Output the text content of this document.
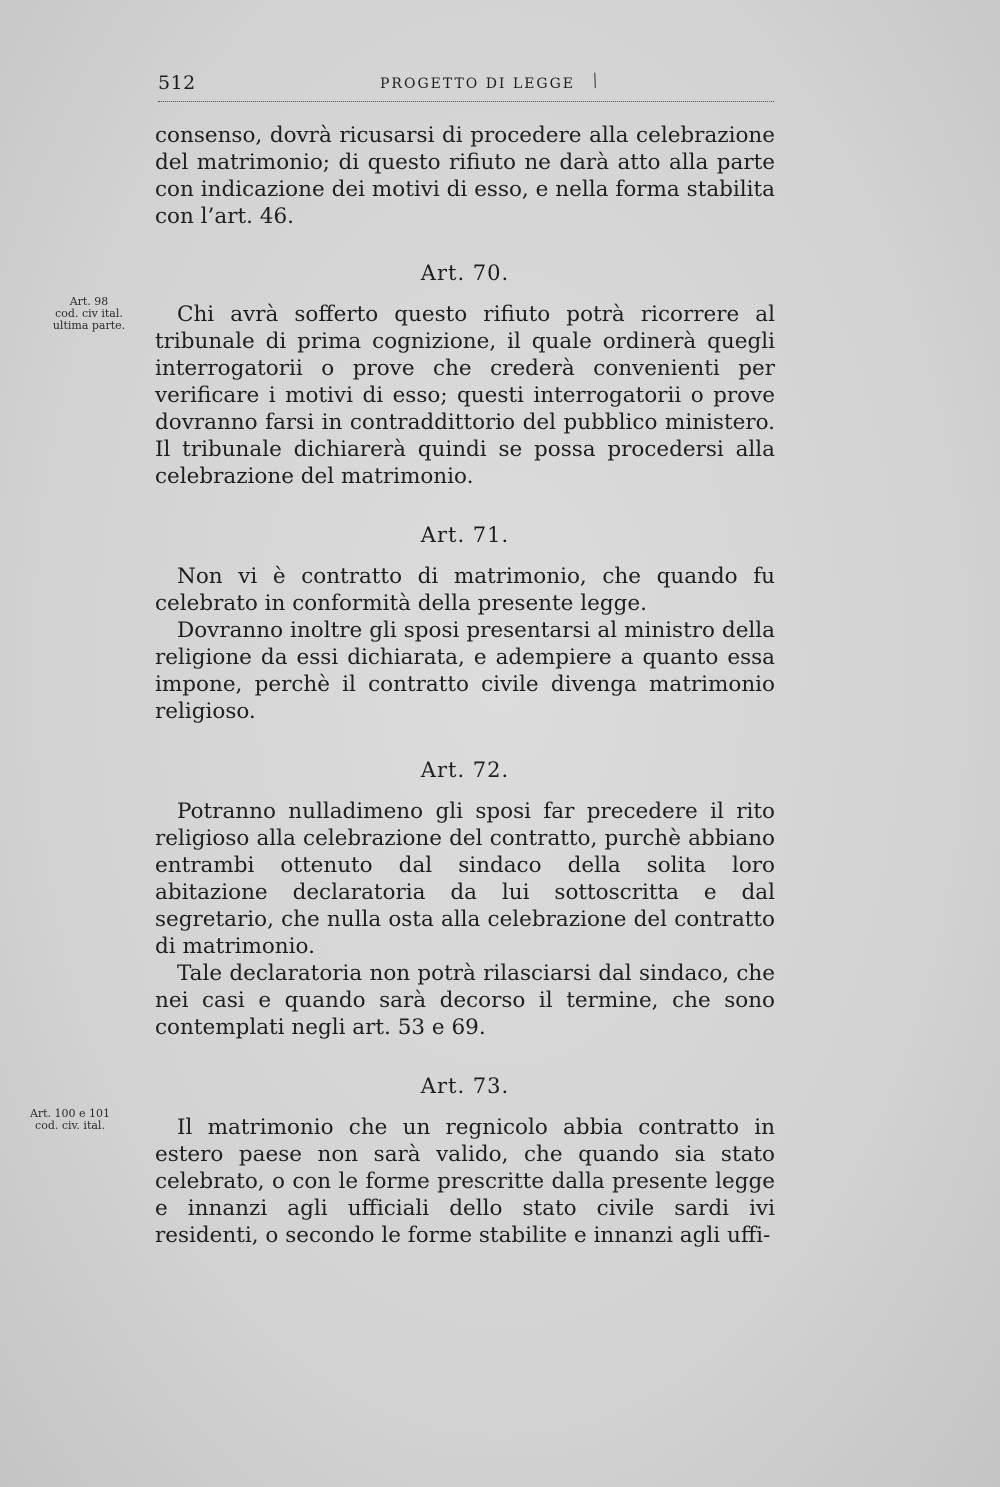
512	PROGETTO DI LEGGE /
Art. 98
cod. civ ital.
ultima parte.
Art. 100 e 101
cod. civ. ital.

consenso, dovrà ricusarsi di procedere alla celebrazione del matrimonio; di questo rifiuto ne darà atto alla parte con indicazione dei motivi di esso, e nella forma stabilita con l’art. 46.

Art. 70.

Chi avrà sofferto questo rifiuto potrà ricorrere al tribunale di prima cognizione, il quale ordinerà quegli interrogatorii o prove che crederà convenienti per verificare i motivi di esso; questi interrogatorii o prove dovranno farsi in contraddittorio del pubblico ministero. Il tribunale dichiarerà quindi se possa procedersi alla celebrazione del matrimonio.

Art. 71.

Non vi è contratto di matrimonio, che quando fu celebrato in conformità della presente legge.

Dovranno inoltre gli sposi presentarsi al ministro della religione da essi dichiarata, e adempiere a quanto essa impone, perchè il contratto civile divenga matrimonio religioso.

Art. 72.

Potranno nulladimeno gli sposi far precedere il rito religioso alla celebrazione del contratto, purchè abbiano entrambi ottenuto dal sindaco della solita loro abitazione declaratoria da lui sottoscritta e dal segretario, che nulla osta alla celebrazione del contratto di matrimonio.

Tale declaratoria non potrà rilasciarsi dal sindaco, che nei casi e quando sarà decorso il termine, che sono contemplati negli art. 53 e 69.

Art. 73.

Il matrimonio che un regnicolo abbia contratto in estero paese non sarà valido, che quando sia stato celebrato, o con le forme prescritte dalla presente legge e innanzi agli ufficiali dello stato civile sardi ivi residenti, o secondo le forme stabilite e innanzi agli uffi-
